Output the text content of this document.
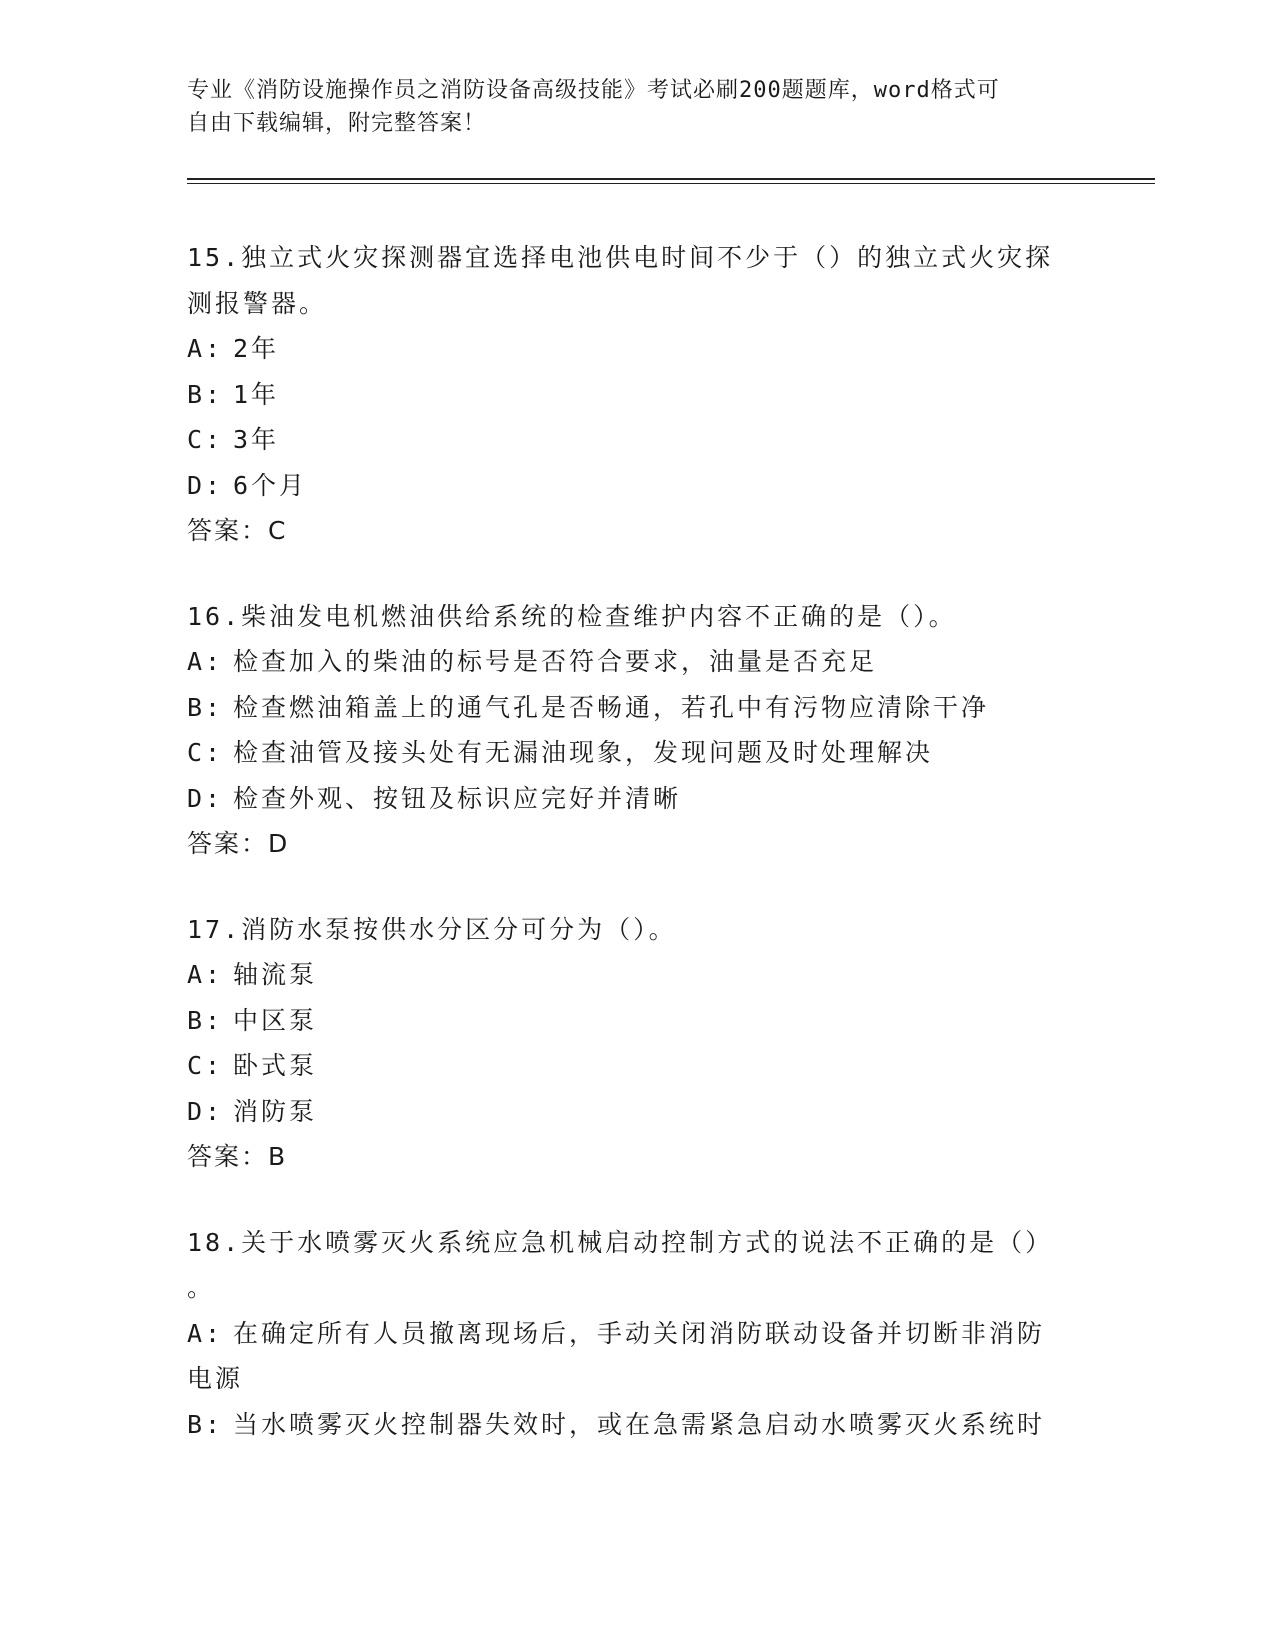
专业《消防设施操作员之消防设备高级技能》考试必刷200题题库，word格式可
自由下载编辑，附完整答案！
15.独立式火灾探测器宜选择电池供电时间不少于（）的独立式火灾探
测报警器。
A: 2年
B: 1年
C: 3年
D: 6个月
答案：C
16.柴油发电机燃油供给系统的检查维护内容不正确的是（）。
A: 检查加入的柴油的标号是否符合要求，油量是否充足
B: 检查燃油箱盖上的通气孔是否畅通，若孔中有污物应清除干净
C: 检查油管及接头处有无漏油现象，发现问题及时处理解决
D: 检查外观、按钮及标识应完好并清晰
答案：D
17.消防水泵按供水分区分可分为（）。
A: 轴流泵
B: 中区泵
C: 卧式泵
D: 消防泵
答案：B
18.关于水喷雾灭火系统应急机械启动控制方式的说法不正确的是（）
。
A: 在确定所有人员撤离现场后，手动关闭消防联动设备并切断非消防
电源
B: 当水喷雾灭火控制器失效时，或在急需紧急启动水喷雾灭火系统时
